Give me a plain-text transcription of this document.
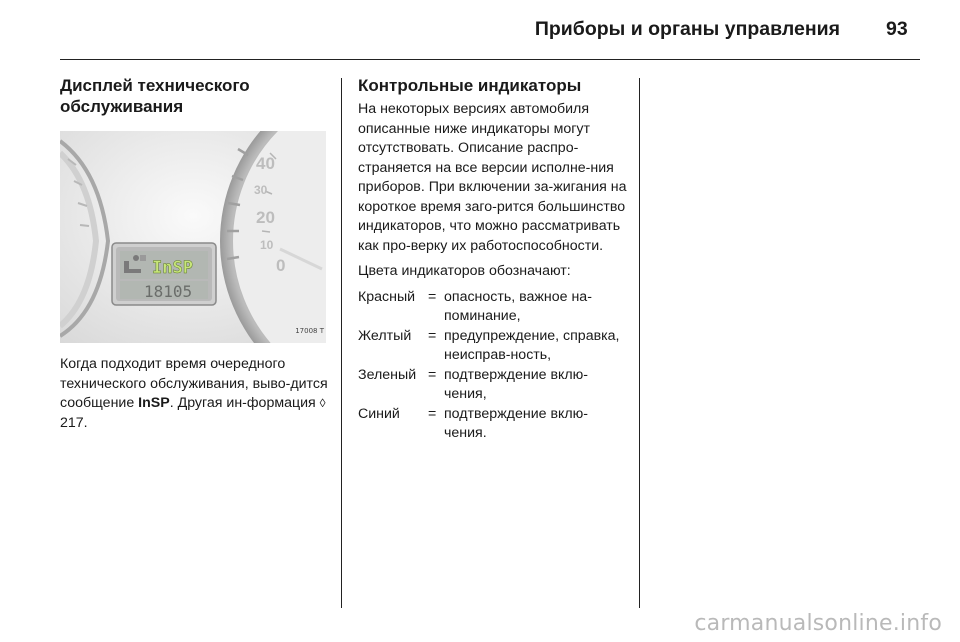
Приборы и органы управления 93
Дисплей технического обслуживания
40
30
20
10
0
InSP
18105
17008 T

Когда подходит время очередного технического обслуживания, выво-дится сообщение InSP. Другая ин-формация ◊ 217.

Контрольные индикаторы

На некоторых версиях автомобиля описанные ниже индикаторы могут отсутствовать. Описание распро-страняется на все версии исполне-ния приборов. При включении за-жигания на короткое время заго-рится большинство индикаторов, что можно рассматривать как про-верку их работоспособности.

Цвета индикаторов обозначают:

Красный = опасность, важное на-поминание,
Желтый	= предупреждение, справка, неисправ-ность,
Зеленый = подтверждение вклю-чения,
Синий	= подтверждение вклю-чения.
carmanualsonline.info
